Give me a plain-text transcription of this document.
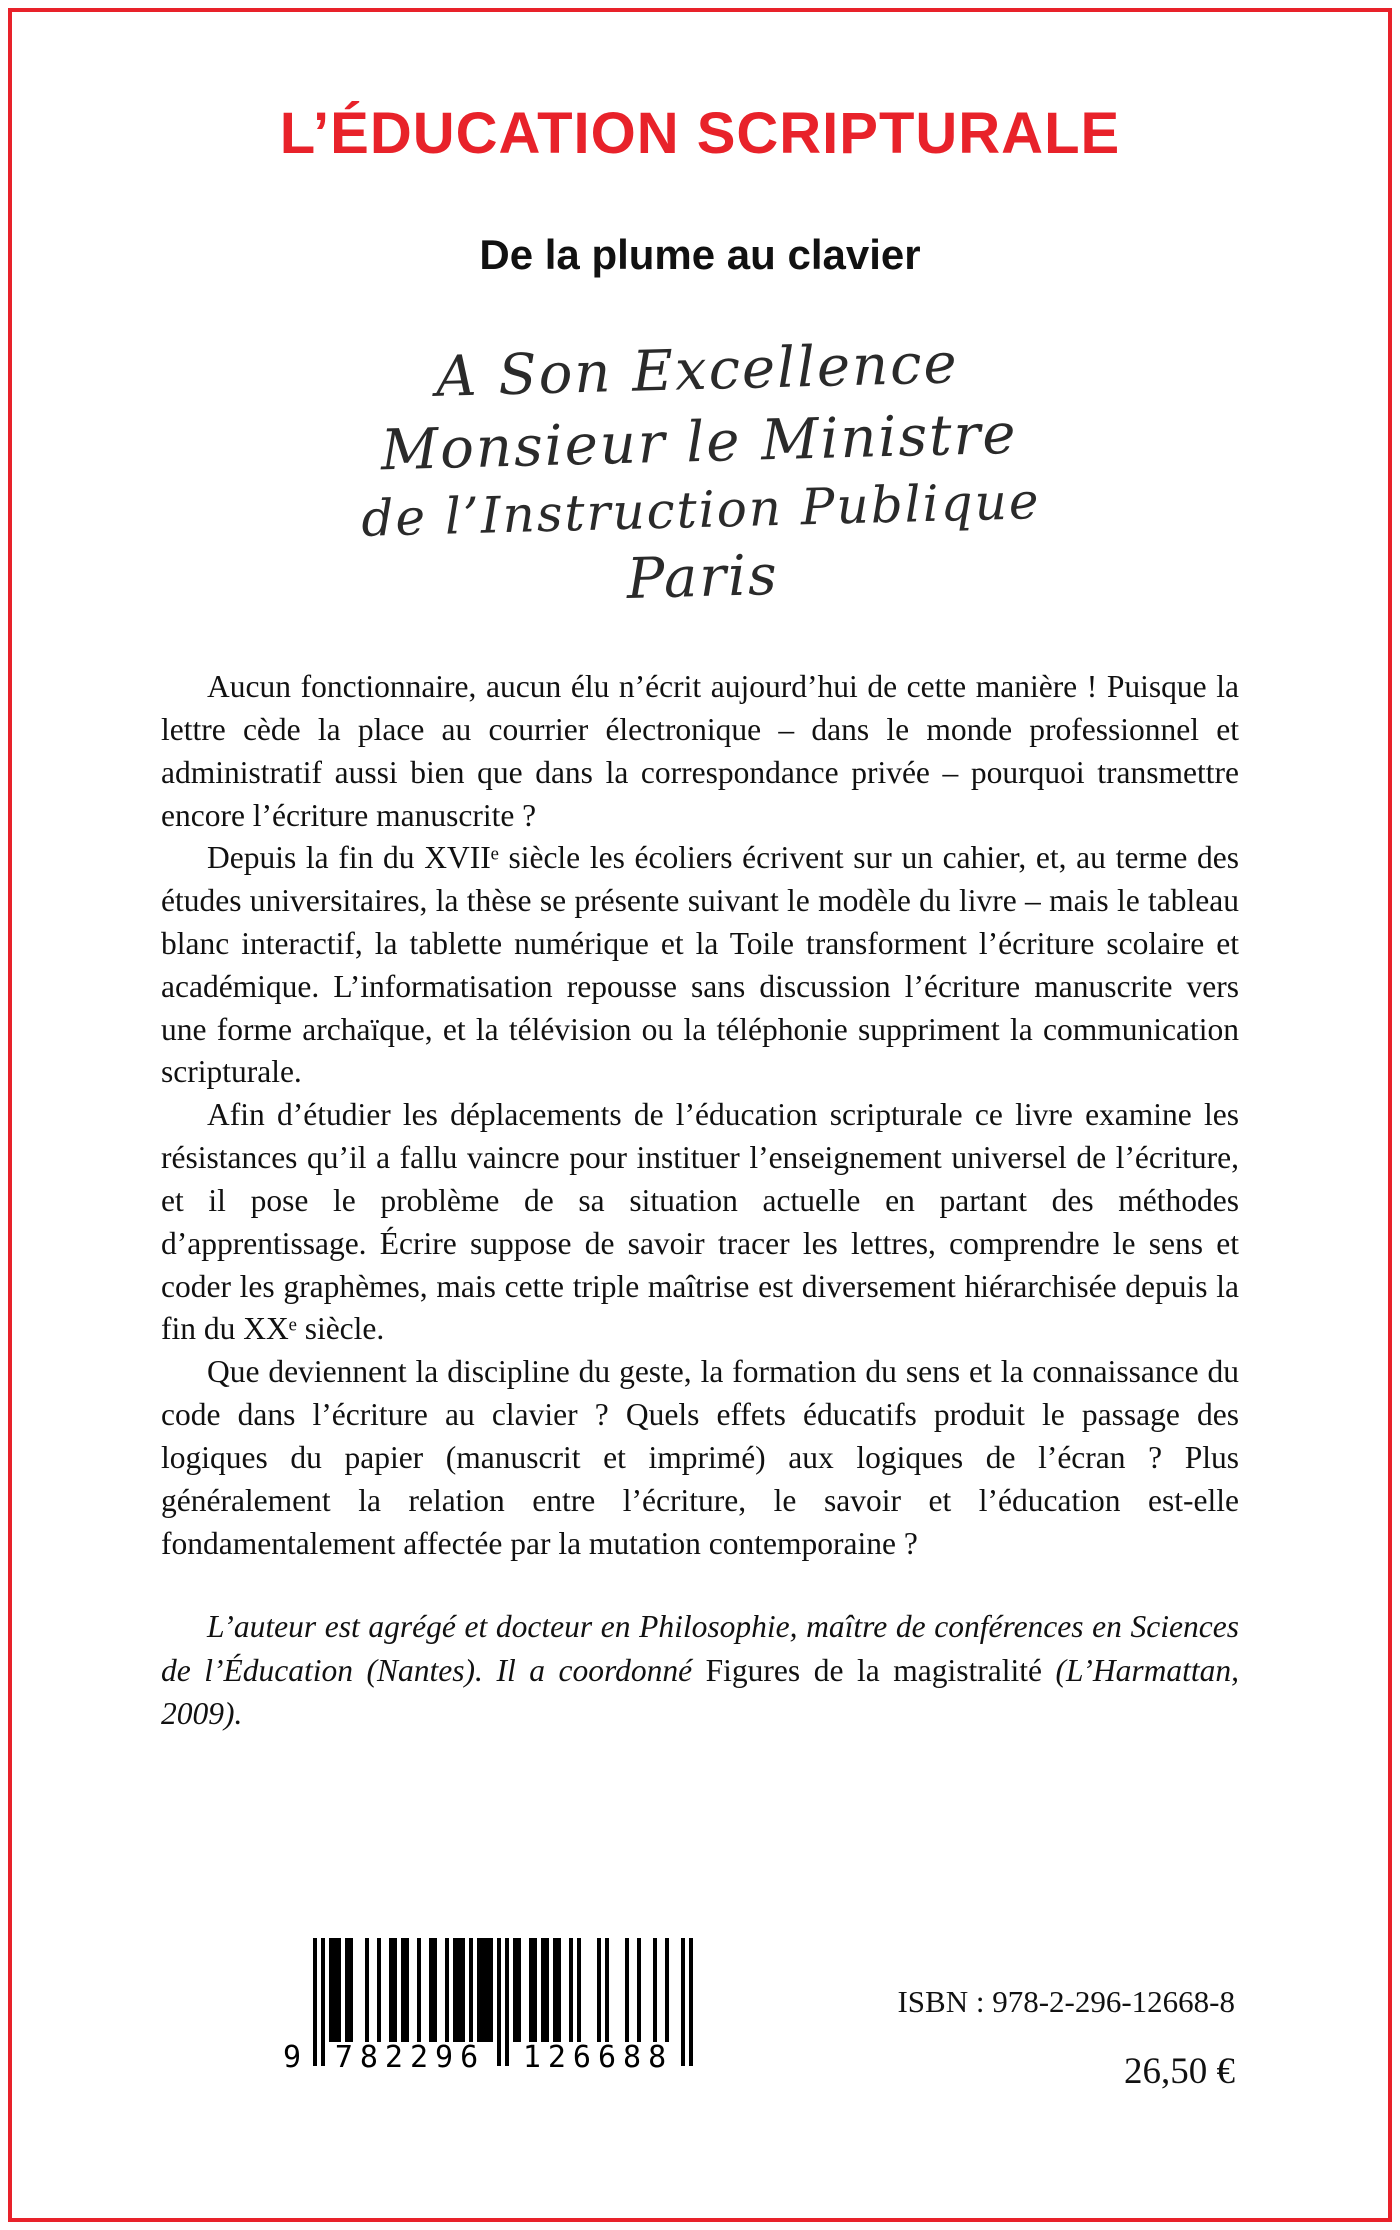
L’ÉDUCATION SCRIPTURALE
De la plume au clavier
A Son Excellence
Monsieur le Ministre
de l’Instruction Publique
Paris

Aucun fonctionnaire, aucun élu n’écrit aujourd’hui de cette manière ! Puisque la lettre cède la place au courrier électronique – dans le monde professionnel et administratif aussi bien que dans la correspondance privée – pourquoi transmettre encore l’écriture manuscrite ?

Depuis la fin du XVIIᵉ siècle les écoliers écrivent sur un cahier, et, au terme des études universitaires, la thèse se présente suivant le modèle du livre – mais le tableau blanc interactif, la tablette numérique et la Toile transforment l’écriture scolaire et académique. L’informatisation repousse sans discussion l’écriture manuscrite vers une forme archaïque, et la télévision ou la téléphonie suppriment la communication scripturale.

Afin d’étudier les déplacements de l’éducation scripturale ce livre examine les résistances qu’il a fallu vaincre pour instituer l’enseignement universel de l’écriture, et il pose le problème de sa situation actuelle en partant des méthodes d’apprentissage. Écrire suppose de savoir tracer les lettres, comprendre le sens et coder les graphèmes, mais cette triple maîtrise est diversement hiérarchisée depuis la fin du XXᵉ siècle.

Que deviennent la discipline du geste, la formation du sens et la connaissance du code dans l’écriture au clavier ? Quels effets éducatifs produit le passage des logiques du papier (manuscrit et imprimé) aux logiques de l’écran ? Plus généralement la relation entre l’écriture, le savoir et l’éducation est-elle fondamentalement affectée par la mutation contemporaine ?

L’auteur est agrégé et docteur en Philosophie, maître de conférences en Sciences de l’Éducation (Nantes). Il a coordonné Figures de la magistralité (L’Harmattan, 2009).

9 782296 126688
ISBN : 978-2-296-12668-8
26,50 €
